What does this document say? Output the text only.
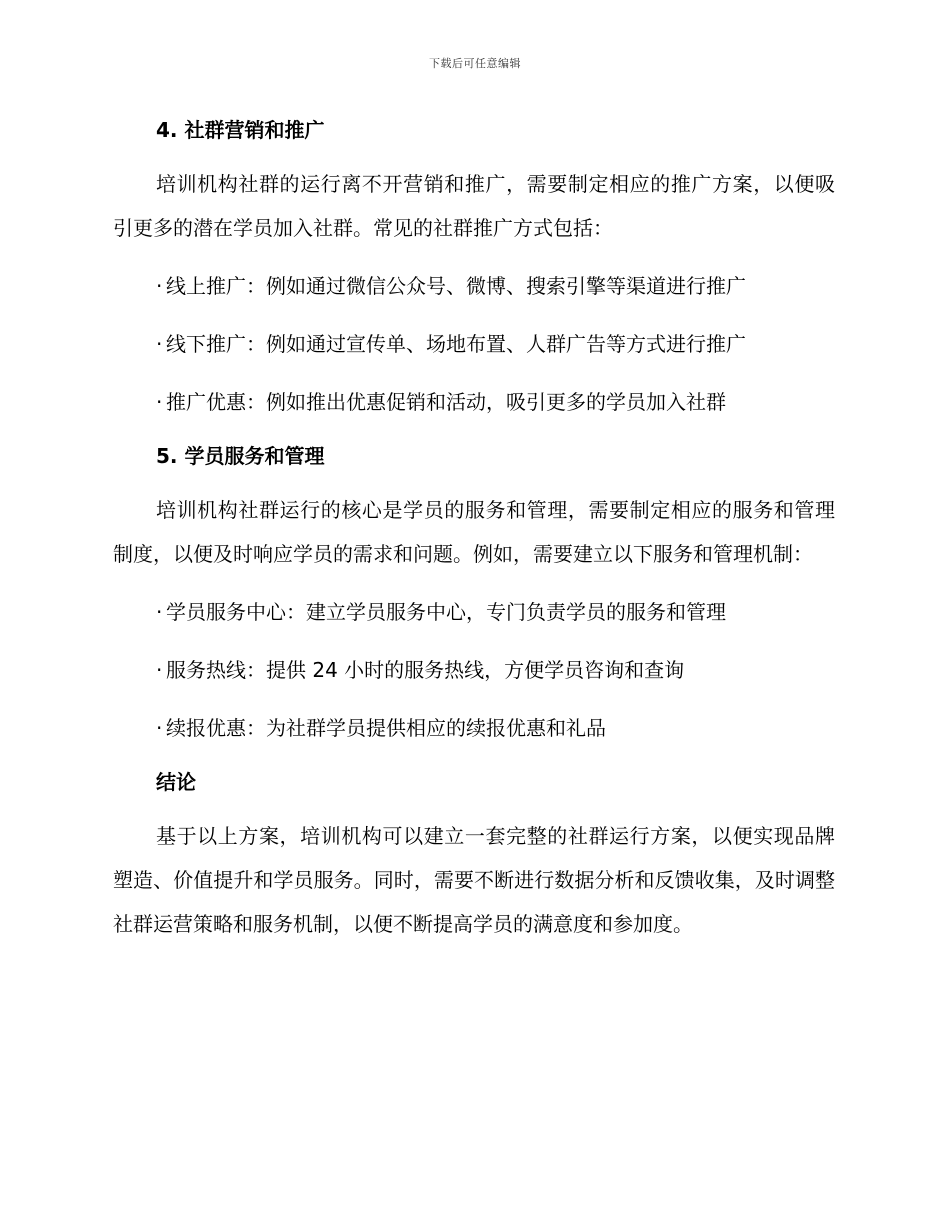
下载后可任意编辑
4. 社群营销和推广

培训机构社群的运行离不开营销和推广，需要制定相应的推广方案，以便吸引更多的潜在学员加入社群。常见的社群推广方式包括：

· 线上推广：例如通过微信公众号、微博、搜索引擎等渠道进行推广
· 线下推广：例如通过宣传单、场地布置、人群广告等方式进行推广
· 推广优惠：例如推出优惠促销和活动，吸引更多的学员加入社群
5. 学员服务和管理

培训机构社群运行的核心是学员的服务和管理，需要制定相应的服务和管理制度，以便及时响应学员的需求和问题。例如，需要建立以下服务和管理机制：

· 学员服务中心：建立学员服务中心，专门负责学员的服务和管理
· 服务热线：提供 24 小时的服务热线，方便学员咨询和查询
· 续报优惠：为社群学员提供相应的续报优惠和礼品
结论

基于以上方案，培训机构可以建立一套完整的社群运行方案，以便实现品牌塑造、价值提升和学员服务。同时，需要不断进行数据分析和反馈收集，及时调整社群运营策略和服务机制，以便不断提高学员的满意度和参加度。
